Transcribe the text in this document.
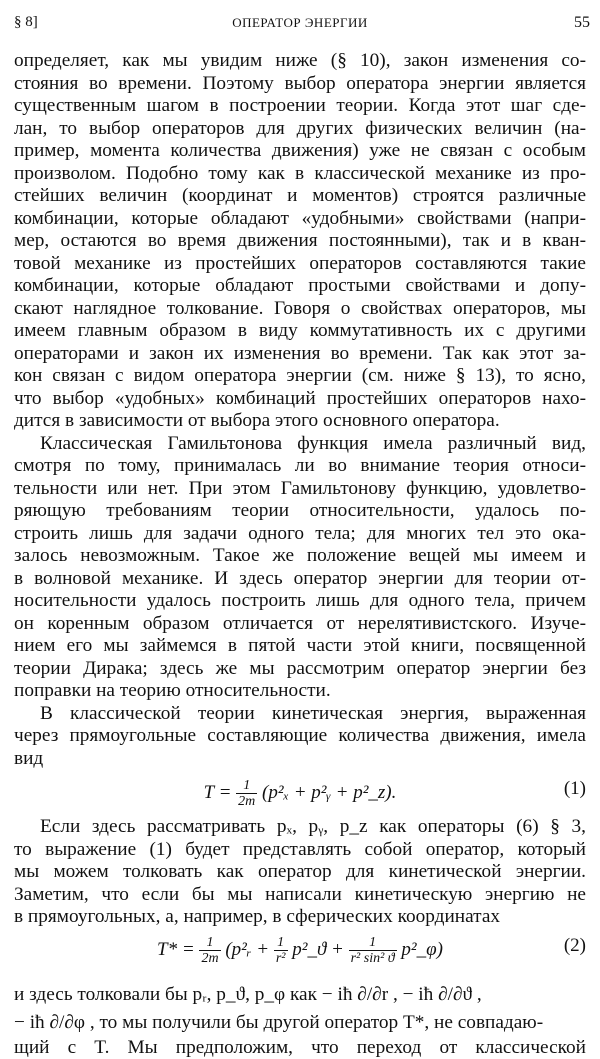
§ 8]	ОПЕРАТОР ЭНЕРГИИ	55
определяет, как мы увидим ниже (§ 10), закон изменения со-
стояния во времени. Поэтому выбор оператора энергии является
существенным шагом в построении теории. Когда этот шаг сде-
лан, то выбор операторов для других физических величин (на-
пример, момента количества движения) уже не связан с особым
произволом. Подобно тому как в классической механике из про-
стейших величин (координат и моментов) строятся различные
комбинации, которые обладают «удобными» свойствами (напри-
мер, остаются во время движения постоянными), так и в кван-
товой механике из простейших операторов составляются такие
комбинации, которые обладают простыми свойствами и допу-
скают наглядное толкование. Говоря о свойствах операторов, мы
имеем главным образом в виду коммутативность их с другими
операторами и закон их изменения во времени. Так как этот за-
кон связан с видом оператора энергии (см. ниже § 13), то ясно,
что выбор «удобных» комбинаций простейших операторов нахо-
дится в зависимости от выбора этого основного оператора.
Классическая Гамильтонова функция имела различный вид,
смотря по тому, принималась ли во внимание теория относи-
тельности или нет. При этом Гамильтонову функцию, удовлетво-
ряющую требованиям теории относительности, удалось по-
строить лишь для задачи одного тела; для многих тел это ока-
залось невозможным. Такое же положение вещей мы имеем и
в волновой механике. И здесь оператор энергии для теории от-
носительности удалось построить лишь для одного тела, причем
он коренным образом отличается от нерелятивистского. Изуче-
нием его мы займемся в пятой части этой книги, посвященной
теории Дирака; здесь же мы рассмотрим оператор энергии без
поправки на теорию относительности.
В классической теории кинетическая энергия, выраженная
через прямоугольные составляющие количества движения, имела
вид
$T = \frac{1}{2m} (p^2_x$ + p²ᵧ + p²_z).	(1)
Если здесь рассматривать pₓ, pᵧ, p_z как операторы (6) § 3,
то выражение (1) будет представлять собой оператор, который
мы можем толковать как оператор для кинетической энергии.
Заметим, что если бы мы написали кинетическую энергию не
в прямоугольных, а, например, в сферических координатах
$T* = \frac{1}{2m}$ (p²ᵣ + $\frac{1}{\text{r²}}$ p²_ϑ + $\frac{1}{\text{r² sin² ϑ}}$ p²_φ)	(2)
и здесь толковали бы pᵣ, p_ϑ, p_φ как − iħ ∂/∂r , − iħ ∂/∂ϑ ,
− iħ ∂/∂φ , то мы получили бы другой оператор T*, не совпадаю-
щий с T. Мы предположим, что переход от классической
